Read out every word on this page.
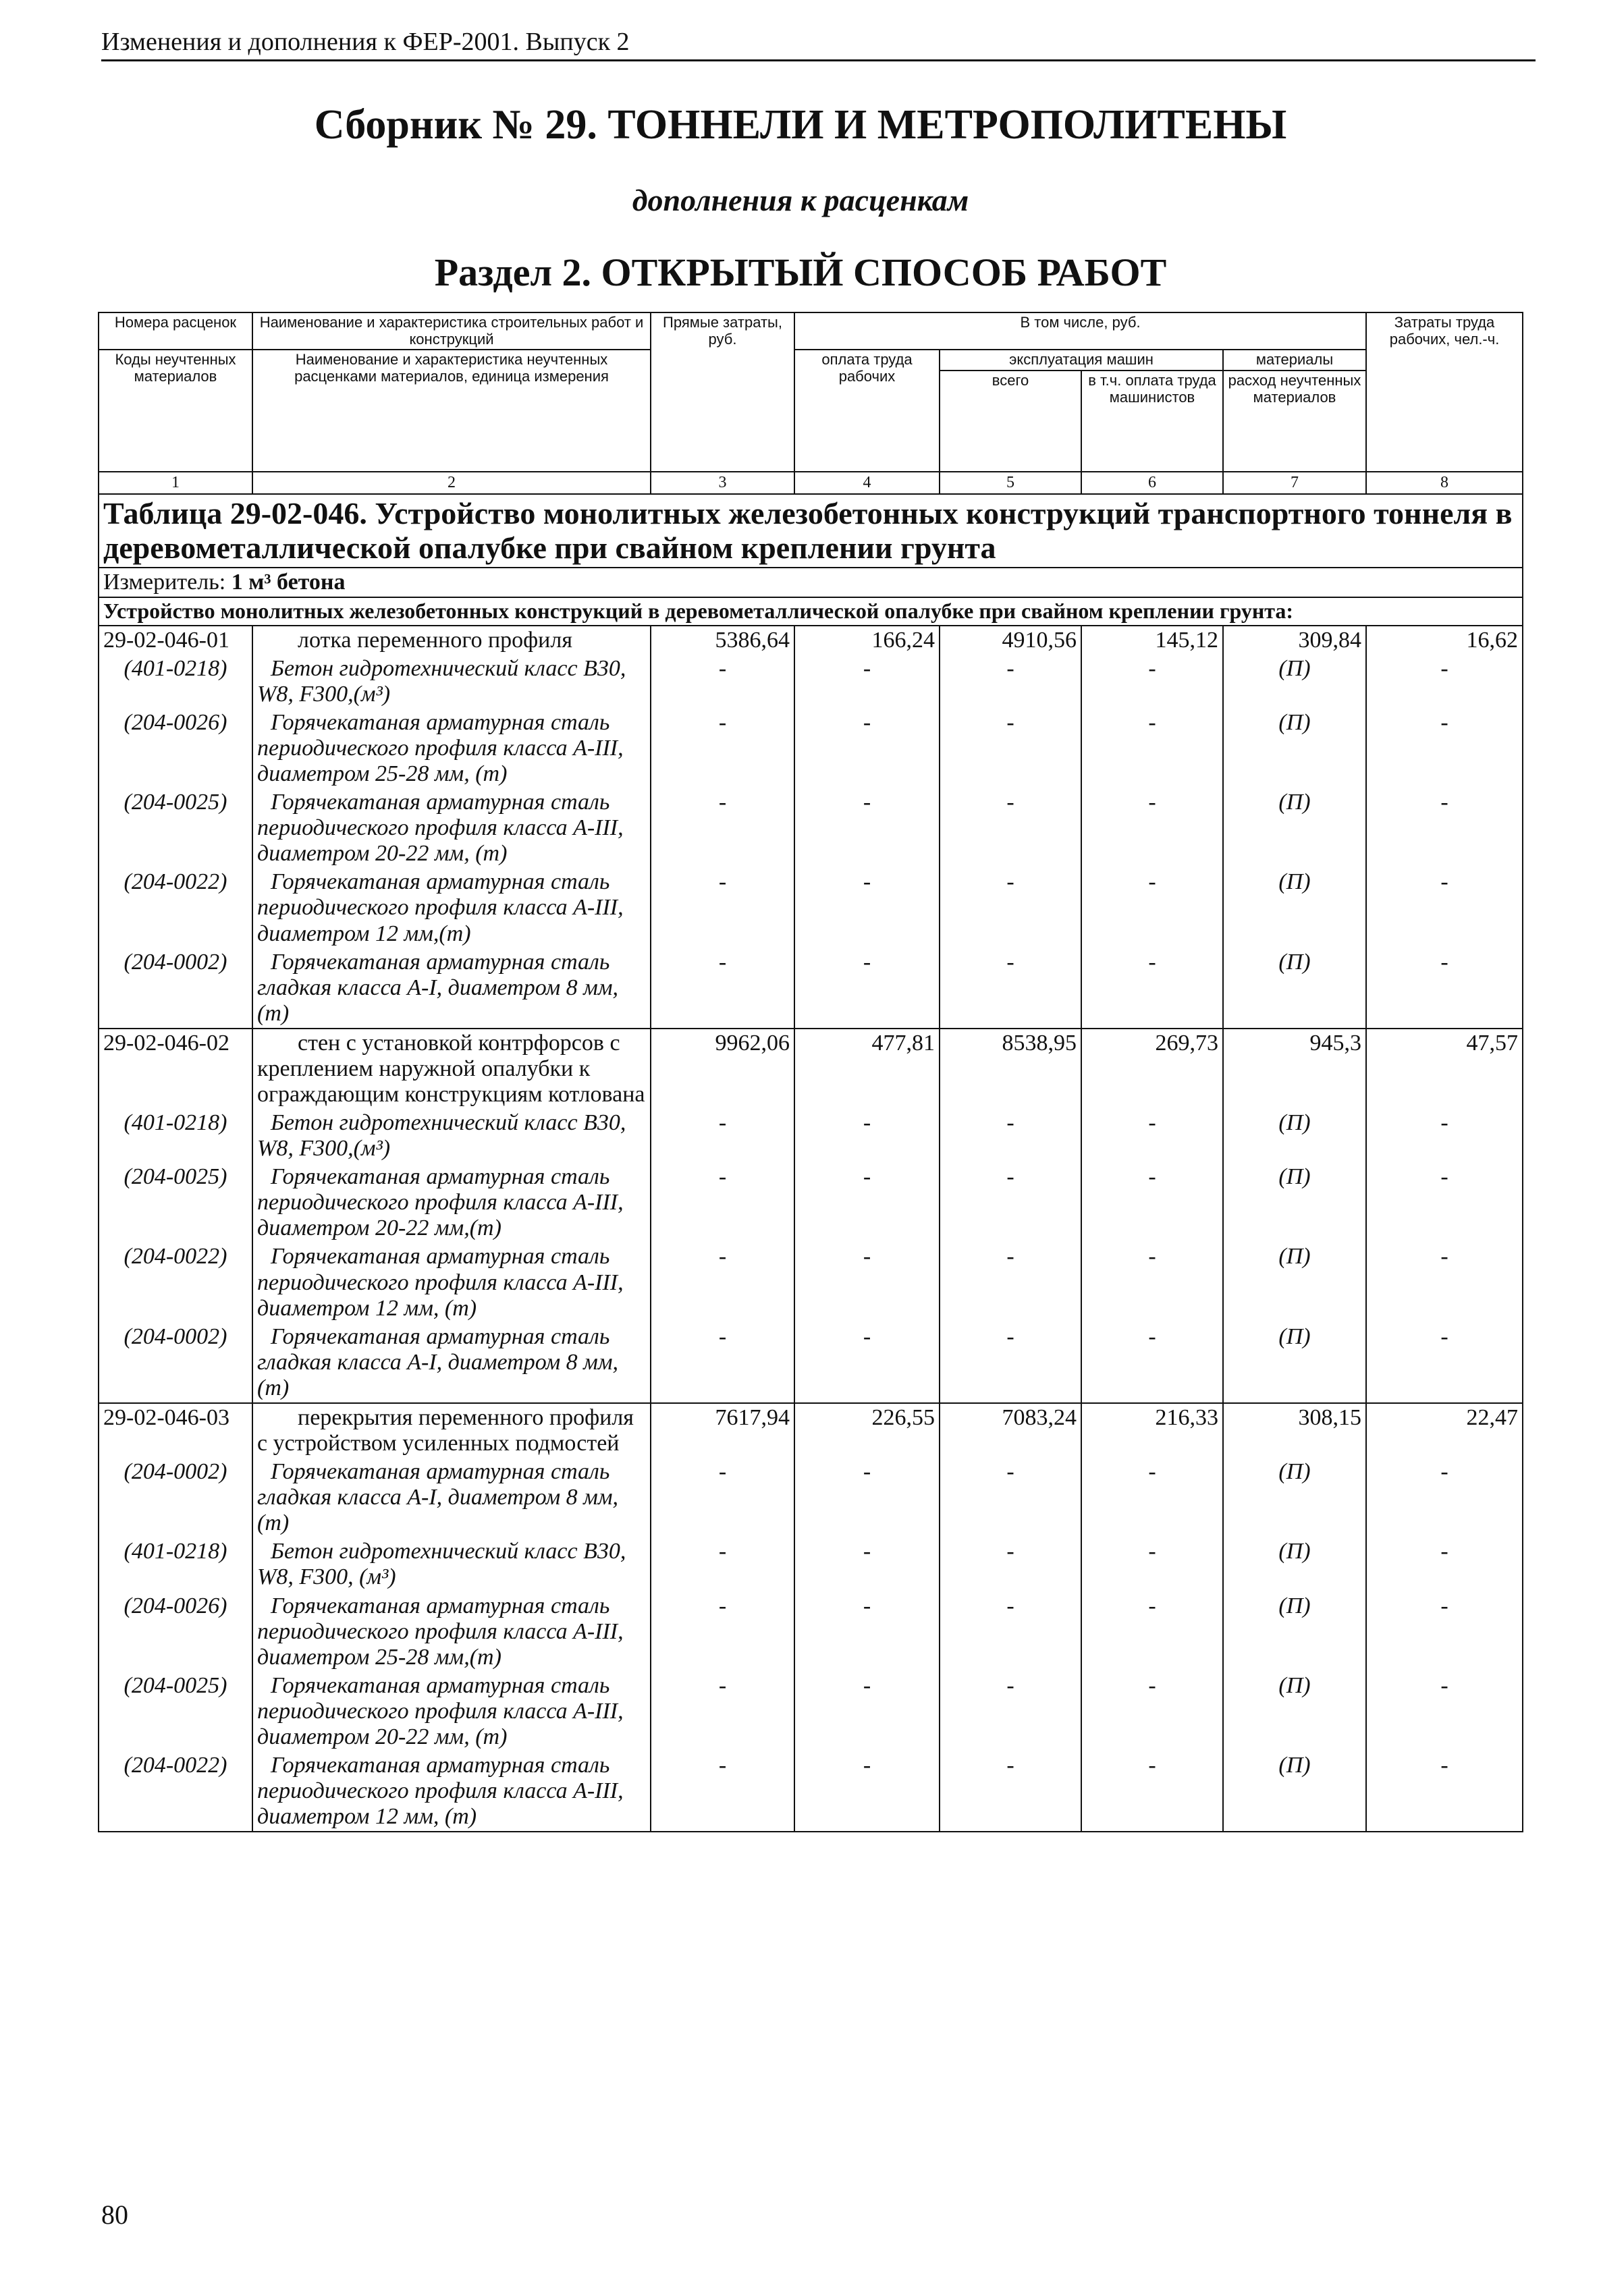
Изменения и дополнения к ФЕР-2001. Выпуск 2
Сборник № 29. ТОННЕЛИ И МЕТРОПОЛИТЕНЫ
дополнения к расценкам
Раздел 2. ОТКРЫТЫЙ СПОСОБ РАБОТ
Номера расценок	Наименование и характеристика строительных работ и конструкций	Прямые затраты, руб.	В том числе, руб.				Затраты труда рабочих, чел.-ч.
Коды неучтенных материалов	Наименование и характеристика неучтенных расценками материалов, единица измерения		оплата труда рабочих	эксплуатация машин		материалы	
				всего	в т.ч. оплата труда машинистов	расход неучтенных материалов	
1	2	3	4	5	6	7	8
Таблица 29-02-046. Устройство монолитных железобетонных конструкций транспортного тоннеля в деревометаллической опалубке при свайном креплении грунта							
Измеритель: 1 м³ бетона							
Устройство монолитных железобетонных конструкций в деревометаллической опалубке при свайном креплении грунта:							
29-02-046-01	лотка переменного профиля	5386,64	166,24	4910,56	145,12	309,84	16,62
(401-0218)	Бетон гидротехнический класс B30, W8, F300,(м³)	-	-	-	-	(П)	-
(204-0026)	Горячекатаная арматурная сталь периодического профиля класса A-III, диаметром 25-28 мм, (т)	-	-	-	-	(П)	-
(204-0025)	Горячекатаная арматурная сталь периодического профиля класса A-III, диаметром 20-22 мм, (т)	-	-	-	-	(П)	-
(204-0022)	Горячекатаная арматурная сталь периодического профиля класса A-III, диаметром 12 мм,(т)	-	-	-	-	(П)	-
(204-0002)	Горячекатаная арматурная сталь гладкая класса A-I, диаметром 8 мм,(т)	-	-	-	-	(П)	-
29-02-046-02	стен с установкой контрфорсов с креплением наружной опалубки к ограждающим конструкциям котлована	9962,06	477,81	8538,95	269,73	945,3	47,57
(401-0218)	Бетон гидротехнический класс B30, W8, F300,(м³)	-	-	-	-	(П)	-
(204-0025)	Горячекатаная арматурная сталь периодического профиля класса A-III, диаметром 20-22 мм,(т)	-	-	-	-	(П)	-
(204-0022)	Горячекатаная арматурная сталь периодического профиля класса A-III, диаметром 12 мм, (т)	-	-	-	-	(П)	-
(204-0002)	Горячекатаная арматурная сталь гладкая класса A-I, диаметром 8 мм, (т)	-	-	-	-	(П)	-
29-02-046-03	перекрытия переменного профиля с устройством усиленных подмостей	7617,94	226,55	7083,24	216,33	308,15	22,47
(204-0002)	Горячекатаная арматурная сталь гладкая класса A-I, диаметром 8 мм, (т)	-	-	-	-	(П)	-
(401-0218)	Бетон гидротехнический класс B30, W8, F300, (м³)	-	-	-	-	(П)	-
(204-0026)	Горячекатаная арматурная сталь периодического профиля класса A-III, диаметром 25-28 мм,(т)	-	-	-	-	(П)	-
(204-0025)	Горячекатаная арматурная сталь периодического профиля класса A-III, диаметром 20-22 мм, (т)	-	-	-	-	(П)	-
(204-0022)	Горячекатаная арматурная сталь периодического профиля класса A-III, диаметром 12 мм, (т)	-	-	-	-	(П)	-
80
